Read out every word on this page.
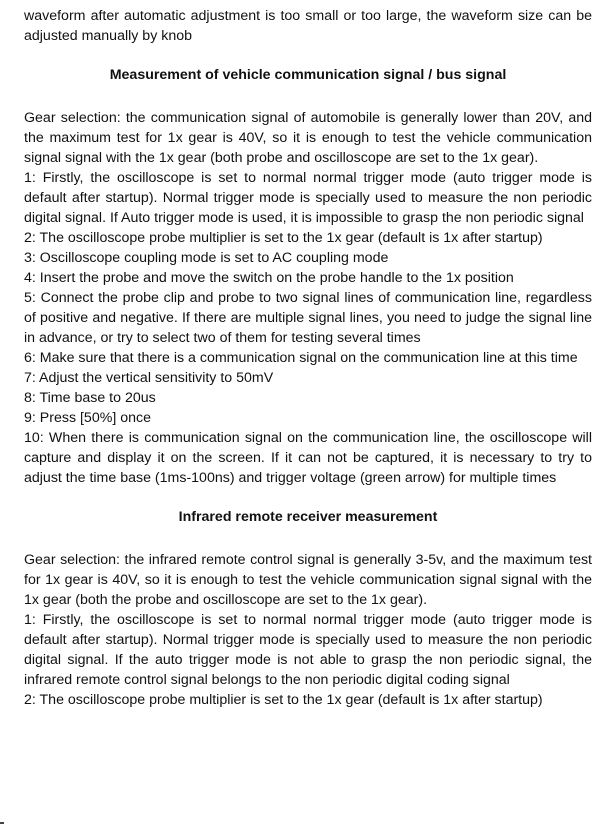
waveform after automatic adjustment is too small or too large, the waveform size can be adjusted manually by knob

Measurement of vehicle communication signal / bus signal

Gear selection: the communication signal of automobile is generally lower than 20V, and the maximum test for 1x gear is 40V, so it is enough to test the vehicle communication signal signal with the 1x gear (both probe and oscilloscope are set to the 1x gear).

1: Firstly, the oscilloscope is set to normal normal trigger mode (auto trigger mode is default after startup). Normal trigger mode is specially used to measure the non periodic digital signal. If Auto trigger mode is used, it is impossible to grasp the non periodic signal

2: The oscilloscope probe multiplier is set to the 1x gear (default is 1x after startup)

3: Oscilloscope coupling mode is set to AC coupling mode

4: Insert the probe and move the switch on the probe handle to the 1x position

5: Connect the probe clip and probe to two signal lines of communication line, regardless of positive and negative. If there are multiple signal lines, you need to judge the signal line in advance, or try to select two of them for testing several times

6: Make sure that there is a communication signal on the communication line at this time

7: Adjust the vertical sensitivity to 50mV

8: Time base to 20us

9: Press [50%] once

10: When there is communication signal on the communication line, the oscilloscope will capture and display it on the screen. If it can not be captured, it is necessary to try to adjust the time base (1ms-100ns) and trigger voltage (green arrow) for multiple times

Infrared remote receiver measurement

Gear selection: the infrared remote control signal is generally 3-5v, and the maximum test for 1x gear is 40V, so it is enough to test the vehicle communication signal signal with the 1x gear (both the probe and oscilloscope are set to the 1x gear).

1: Firstly, the oscilloscope is set to normal normal trigger mode (auto trigger mode is default after startup). Normal trigger mode is specially used to measure the non periodic digital signal. If the auto trigger mode is not able to grasp the non periodic signal, the infrared remote control signal belongs to the non periodic digital coding signal

2: The oscilloscope probe multiplier is set to the 1x gear (default is 1x after startup)
